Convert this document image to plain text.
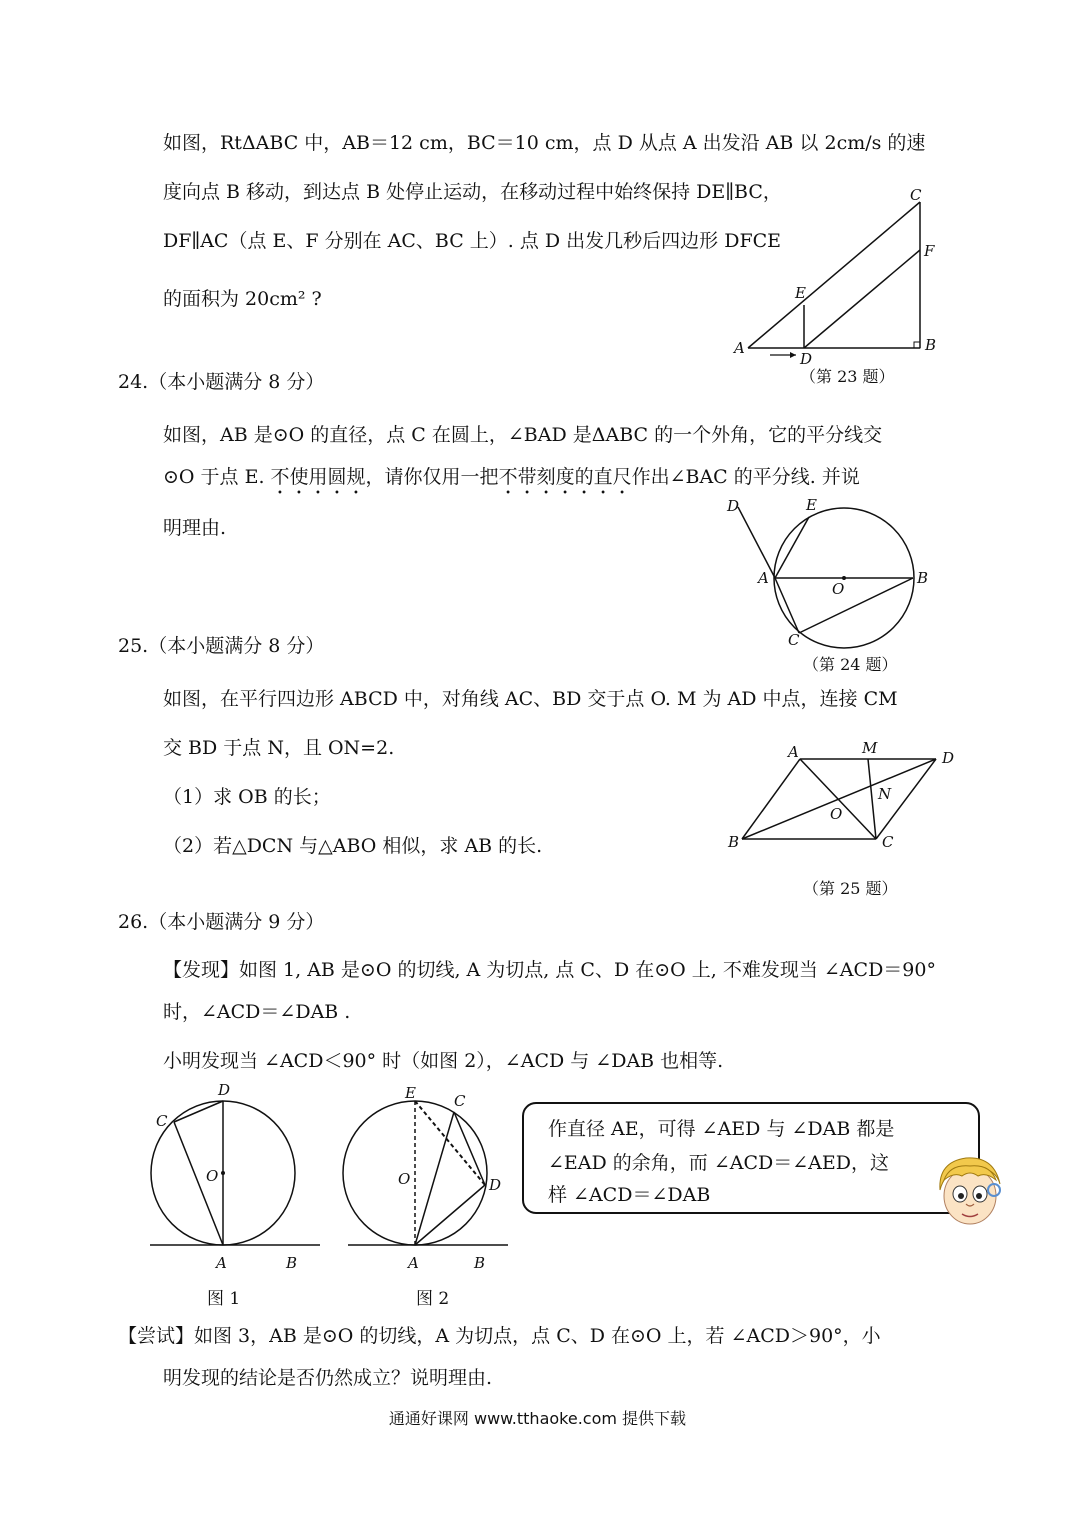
如图，RtΔABC 中，AB＝12 cm，BC＝10 cm，点 D 从点 A 出发沿 AB 以 2cm/s 的速
度向点 B 移动，到达点 B 处停止运动，在移动过程中始终保持 DE∥BC，
DF∥AC（点 E、F 分别在 AC、BC 上）. 点 D 出发几秒后四边形 DFCE
的面积为 20cm² ?
A	B
C
D
E
F
（第 23 题）
24.（本小题满分 8 分）
如图，AB 是⊙O 的直径，点 C 在圆上，∠BAD 是ΔABC 的一个外角，它的平分线交
⊙O 于点 E. 不使用圆规，请你仅用一把不带刻度的直尺作出∠BAC 的平分线. 并说
明理由.
A	B
C
D	E
O
（第 24 题）
25.（本小题满分 8 分）
如图，在平行四边形 ABCD 中，对角线 AC、BD 交于点 O. M 为 AD 中点，连接 CM
交 BD 于点 N，且 ON=2.
（1）求 OB 的长；
（2）若△DCN 与△ABO 相似，求 AB 的长.
A
B	C
D
M
N
O
（第 25 题）
26.（本小题满分 9 分）
【发现】如图 1, AB 是⊙O 的切线, A 为切点, 点 C、D 在⊙O 上, 不难发现当 ∠ACD＝90°
时，∠ACD＝∠DAB .
小明发现当 ∠ACD＜90° 时（如图 2），∠ACD 与 ∠DAB 也相等.
A	B
C
D
O
图 1
A	B
C
D
E
O
图 2
作直径 AE，可得 ∠AED 与 ∠DAB 都是
∠EAD 的余角，而 ∠ACD＝∠AED，这
样 ∠ACD＝∠DAB
【尝试】如图 3，AB 是⊙O 的切线，A 为切点，点 C、D 在⊙O 上，若 ∠ACD＞90°，小
明发现的结论是否仍然成立？说明理由.
通通好课网 www.tthaoke.com 提供下载
